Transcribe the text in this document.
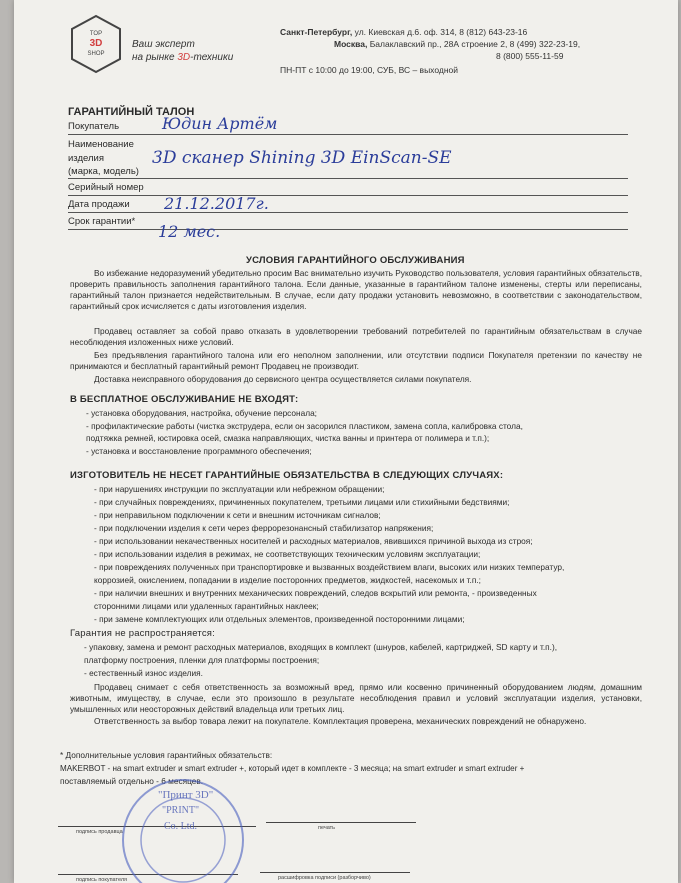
TOP
3D
SHOP
Ваш эксперт
на рынке 3D-техники
Санкт-Петербург, ул. Киевская д.6. оф. 314, 8 (812) 643-23-16
Москва, Балаклавский пр., 28А строение 2, 8 (499) 322-23-19,
8 (800) 555-11-59
ПН-ПТ с 10:00 до 19:00, СУБ, ВС – выходной
ГАРАНТИЙНЫЙ ТАЛОН
Покупатель	Юдин Артём
Наименование
изделия
(марка, модель)
3D сканер Shining 3D EinScan-SE
Серийный номер
Дата продажи 21.12.2017г.
Срок гарантии*
12 мес.
УСЛОВИЯ ГАРАНТИЙНОГО ОБСЛУЖИВАНИЯ
Во избежание недоразумений убедительно просим Вас внимательно изучить Руководство пользователя, условия гарантийных обязательств, проверить правильность заполнения гарантийного талона. Если данные, указанные в гарантийном талоне изменены, стерты или переписаны, гарантийный талон признается недействительным. В случае, если дату продажи установить невозможно, в соответствии с законодательством, гарантийный срок исчисляется с даты изготовления изделия.
Продавец оставляет за собой право отказать в удовлетворении требований потребителей по гарантийным обязательствам в случае несоблюдения изложенных ниже условий.
Без предъявления гарантийного талона или его неполном заполнении, или отсутствии подписи Покупателя претензии по качеству не принимаются и бесплатный гарантийный ремонт Продавец не производит.
Доставка неисправного оборудования до сервисного центра осуществляется силами покупателя.
В БЕСПЛАТНОЕ ОБСЛУЖИВАНИЕ НЕ ВХОДЯТ:
- установка оборудования, настройка, обучение персонала;
- профилактические работы (чистка экструдера, если он засорился пластиком, замена сопла, калибровка стола,
подтяжка ремней, юстировка осей, смазка направляющих, чистка ванны и принтера от полимера и т.п.);
- установка и восстановление программного обеспечения;
ИЗГОТОВИТЕЛЬ НЕ НЕСЕТ ГАРАНТИЙНЫЕ ОБЯЗАТЕЛЬСТВА В СЛЕДУЮЩИХ СЛУЧАЯХ:
- при нарушениях инструкции по эксплуатации или небрежном обращении;
- при случайных повреждениях, причиненных покупателем, третьими лицами или стихийными бедствиями;
- при неправильном подключении к сети и внешним источникам сигналов;
- при подключении изделия к сети через феррорезонансный стабилизатор напряжения;
- при использовании некачественных носителей и расходных материалов, явившихся причиной выхода из строя;
- при использовании изделия в режимах, не соответствующих техническим условиям эксплуатации;
- при повреждениях полученных при транспортировке и вызванных воздействием влаги, высоких или низких температур,
коррозией, окислением, попадании в изделие посторонних предметов, жидкостей, насекомых и т.п.;
- при наличии внешних и внутренних механических повреждений, следов вскрытий или ремонта, - произведенных
сторонними лицами или удаленных гарантийных наклеек;
- при замене комплектующих или отдельных элементов, произведенной посторонними лицами;
Гарантия не распространяется:
- упаковку, замена и ремонт расходных материалов, входящих в комплект (шнуров, кабелей, картриджей, SD карту и т.п.),
платформу построения, пленки для платформы построения;
- естественный износ изделия.
Продавец снимает с себя ответственность за возможный вред, прямо или косвенно причиненный оборудованием людям, домашним животным, имуществу, в случае, если это произошло в результате несоблюдения правил и условий эксплуатации изделия, установки, умышленных или неосторожных действий владельца или третьих лиц.
Ответственность за выбор товара лежит на покупателе. Комплектация проверена, механических повреждений не обнаружено.
* Дополнительные условия гарантийных обязательств:
MAKERBOT - на smart extruder и smart extruder +, который идет в комплекте - 3 месяца; на smart extruder и smart extruder +
поставляемый отдельно - 6 месяцев.
подпись продавца
печать
подпись покупателя	расшифровка подписи (разборчиво)
"Принт 3D"
"PRINT"
Co. Ltd.
